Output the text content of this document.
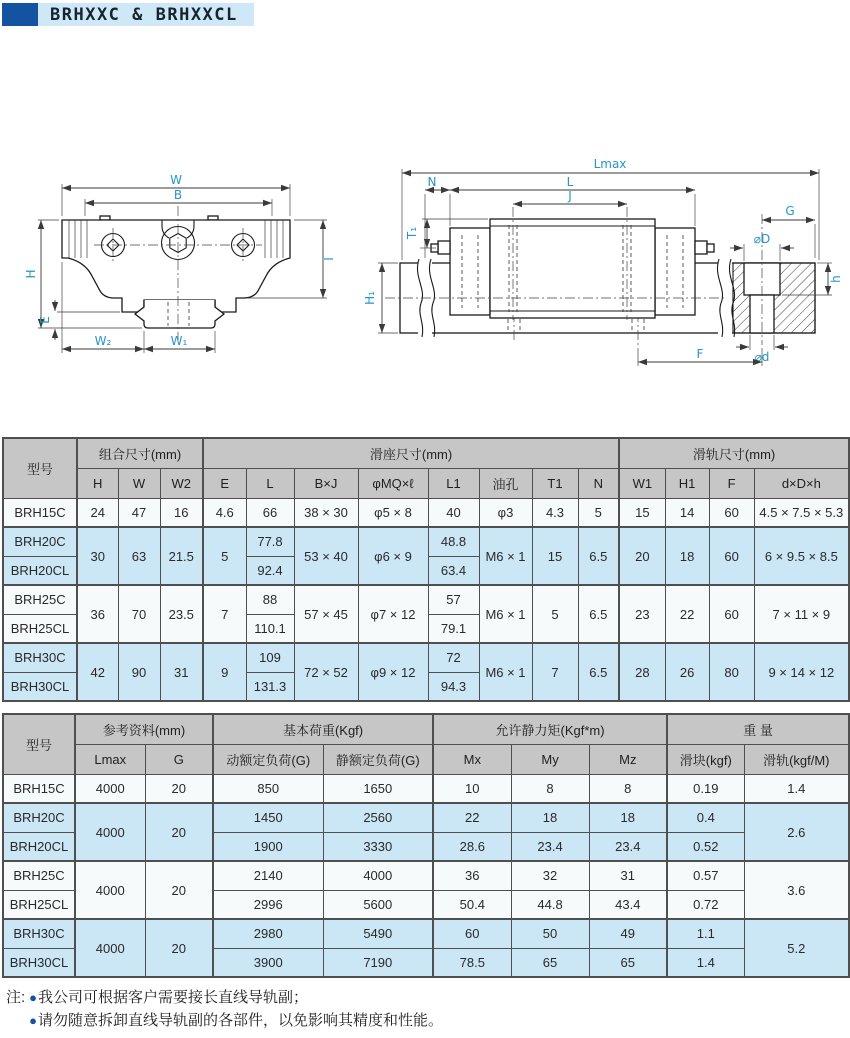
BRHXXC & BRHXXCL
W
B
H
E
I
W₂	W₁
Lmax
N	L
J
T₁
H₁
G
h
⌀D
⌀d
F
型号	组合尺寸(mm)			滑座尺寸(mm)								滑轨尺寸(mm)			
	H	W	W2	E	L	B×J	φMQ×ℓ	L1	油孔	T1	N	W1	H1	F	d×D×h
BRH15C	24	47	16	4.6	66	38 × 30	φ5 × 8	40	φ3	4.3	5	15	14	60	4.5 × 7.5 × 5.3
BRH20C	30	63	21.5	5	77.8	53 × 40	φ6 × 9	48.8	M6 × 1	15	6.5	20	18	60	6 × 9.5 × 8.5
BRH20CL					92.4			63.4							
BRH25C	36	70	23.5	7	88	57 × 45	φ7 × 12	57	M6 × 1	5	6.5	23	22	60	7 × 11 × 9
BRH25CL					110.1			79.1							
BRH30C	42	90	31	9	109	72 × 52	φ9 × 12	72	M6 × 1	7	6.5	28	26	80	9 × 14 × 12
BRH30CL					131.3			94.3							
型号	参考资料(mm)		基本荷重(Kgf)		允许静力矩(Kgf*m)			重 量	
	Lmax	G	动额定负荷(G)	静额定负荷(G)	Mx	My	Mz	滑块(kgf)	滑轨(kgf/M)
BRH15C	4000	20	850	1650	10	8	8	0.19	1.4
BRH20C	4000	20	1450	2560	22	18	18	0.4	2.6
BRH20CL			1900	3330	28.6	23.4	23.4	0.52	
BRH25C	4000	20	2140	4000	36	32	31	0.57	3.6
BRH25CL			2996	5600	50.4	44.8	43.4	0.72	
BRH30C	4000	20	2980	5490	60	50	49	1.1	5.2
BRH30CL			3900	7190	78.5	65	65	1.4	
注: ● 我公司可根据客户需要接长直线导轨副；
● 请勿随意拆卸直线导轨副的各部件，以免影响其精度和性能。
